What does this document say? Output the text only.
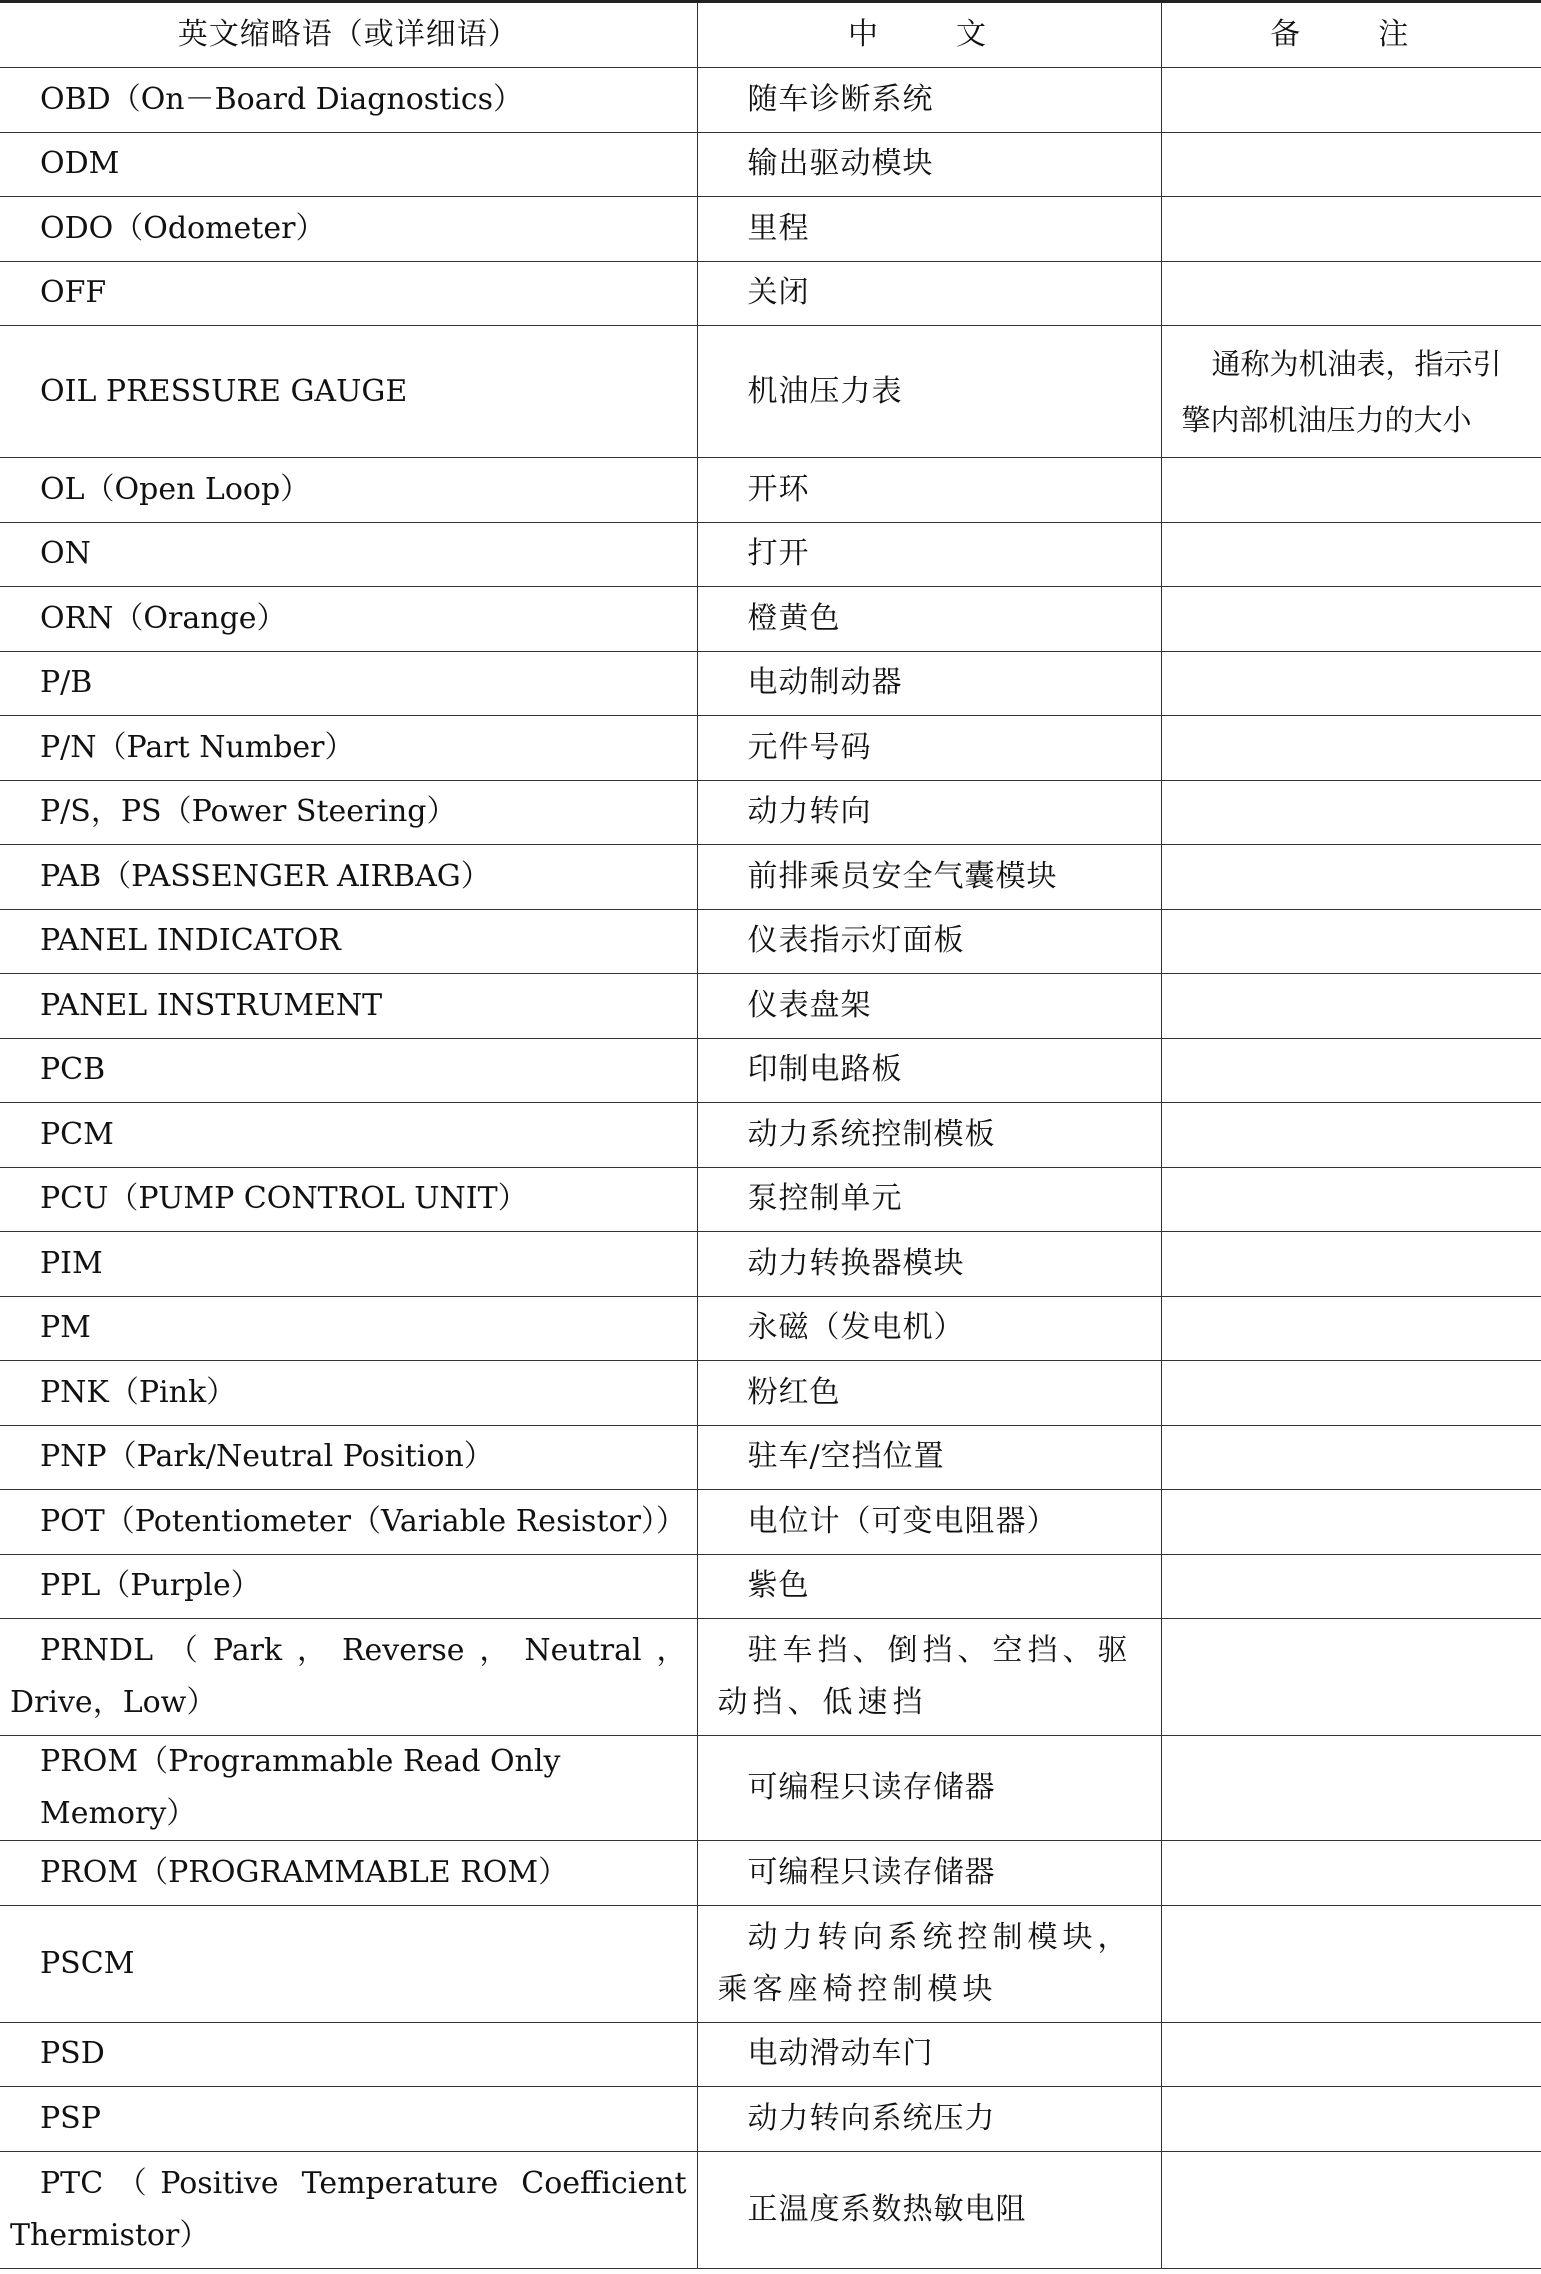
英文缩略语（或详细语）	中　文	备　注
OBD（On－Board Diagnostics）	随车诊断系统	
ODM	输出驱动模块	
ODO（Odometer）	里程	
OFF	关闭	
OIL PRESSURE GAUGE	机油压力表	通称为机油表，指示引擎内部机油压力的大小
OL（Open Loop）	开环	
ON	打开	
ORN（Orange）	橙黄色	
P/B	电动制动器	
P/N（Part Number）	元件号码	
P/S，PS（Power Steering）	动力转向	
PAB（PASSENGER AIRBAG）	前排乘员安全气囊模块	
PANEL INDICATOR	仪表指示灯面板	
PANEL INSTRUMENT	仪表盘架	
PCB	印制电路板	
PCM	动力系统控制模板	
PCU（PUMP CONTROL UNIT）	泵控制单元	
PIM	动力转换器模块	
PM	永磁（发电机）	
PNK（Pink）	粉红色	
PNP（Park/Neutral Position）	驻车/空挡位置	
POT（Potentiometer（Variable Resistor））	电位计（可变电阻器）	
PPL（Purple）	紫色	
PRNDL（Park，Reverse，Neutral，Drive，Low）	驻车挡、倒挡、空挡、驱动挡、低速挡	
PROM（Programmable Read Only Memory）	可编程只读存储器	
PROM（PROGRAMMABLE ROM）	可编程只读存储器	
PSCM	动力转向系统控制模块，乘客座椅控制模块	
PSD	电动滑动车门	
PSP	动力转向系统压力	
PTC（Positive Temperature Coefficient Thermistor）	正温度系数热敏电阻	
